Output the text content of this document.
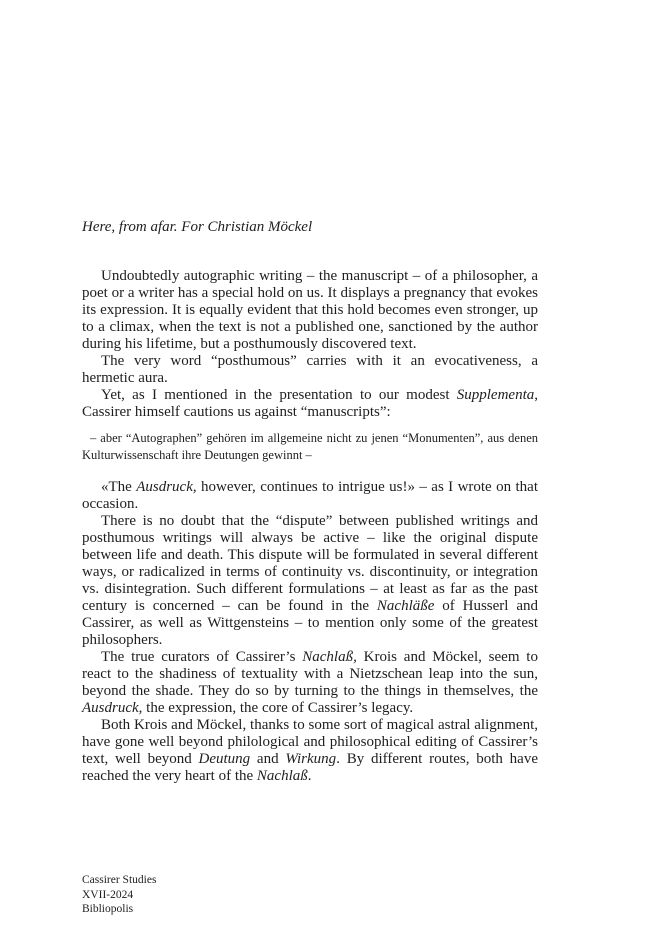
Here, from afar. For Christian Möckel

Undoubtedly autographic writing – the manuscript – of a philosopher, a poet or a writer has a special hold on us. It displays a pregnancy that evokes its expression. It is equally evident that this hold becomes even stronger, up to a climax, when the text is not a published one, sanctioned by the author during his lifetime, but a posthumously discovered text.

The very word “posthumous” carries with it an evocativeness, a hermetic aura.

Yet, as I mentioned in the presentation to our modest Supplementa, Cassirer himself cautions us against “manuscripts”:

– aber “Autographen” gehören im allgemeine nicht zu jenen “Monumenten”, aus denen Kulturwissenschaft ihre Deutungen gewinnt –

«The Ausdruck, however, continues to intrigue us!» – as I wrote on that occasion.

There is no doubt that the “dispute” between published writings and posthumous writings will always be active – like the original dispute between life and death. This dispute will be formulated in several different ways, or radicalized in terms of continuity vs. discontinuity, or integration vs. disintegration. Such different formulations – at least as far as the past century is concerned – can be found in the Nachläße of Husserl and Cassirer, as well as Wittgensteins – to mention only some of the greatest philosophers.

The true curators of Cassirer’s Nachlaß, Krois and Möckel, seem to react to the shadiness of textuality with a Nietzschean leap into the sun, beyond the shade. They do so by turning to the things in themselves, the Ausdruck, the expression, the core of Cassirer’s legacy.

Both Krois and Möckel, thanks to some sort of magical astral alignment, have gone well beyond philological and philosophical editing of Cassirer’s text, well beyond Deutung and Wirkung. By different routes, both have reached the very heart of the Nachlaß.

Cassirer Studies
XVII-2024
Bibliopolis
